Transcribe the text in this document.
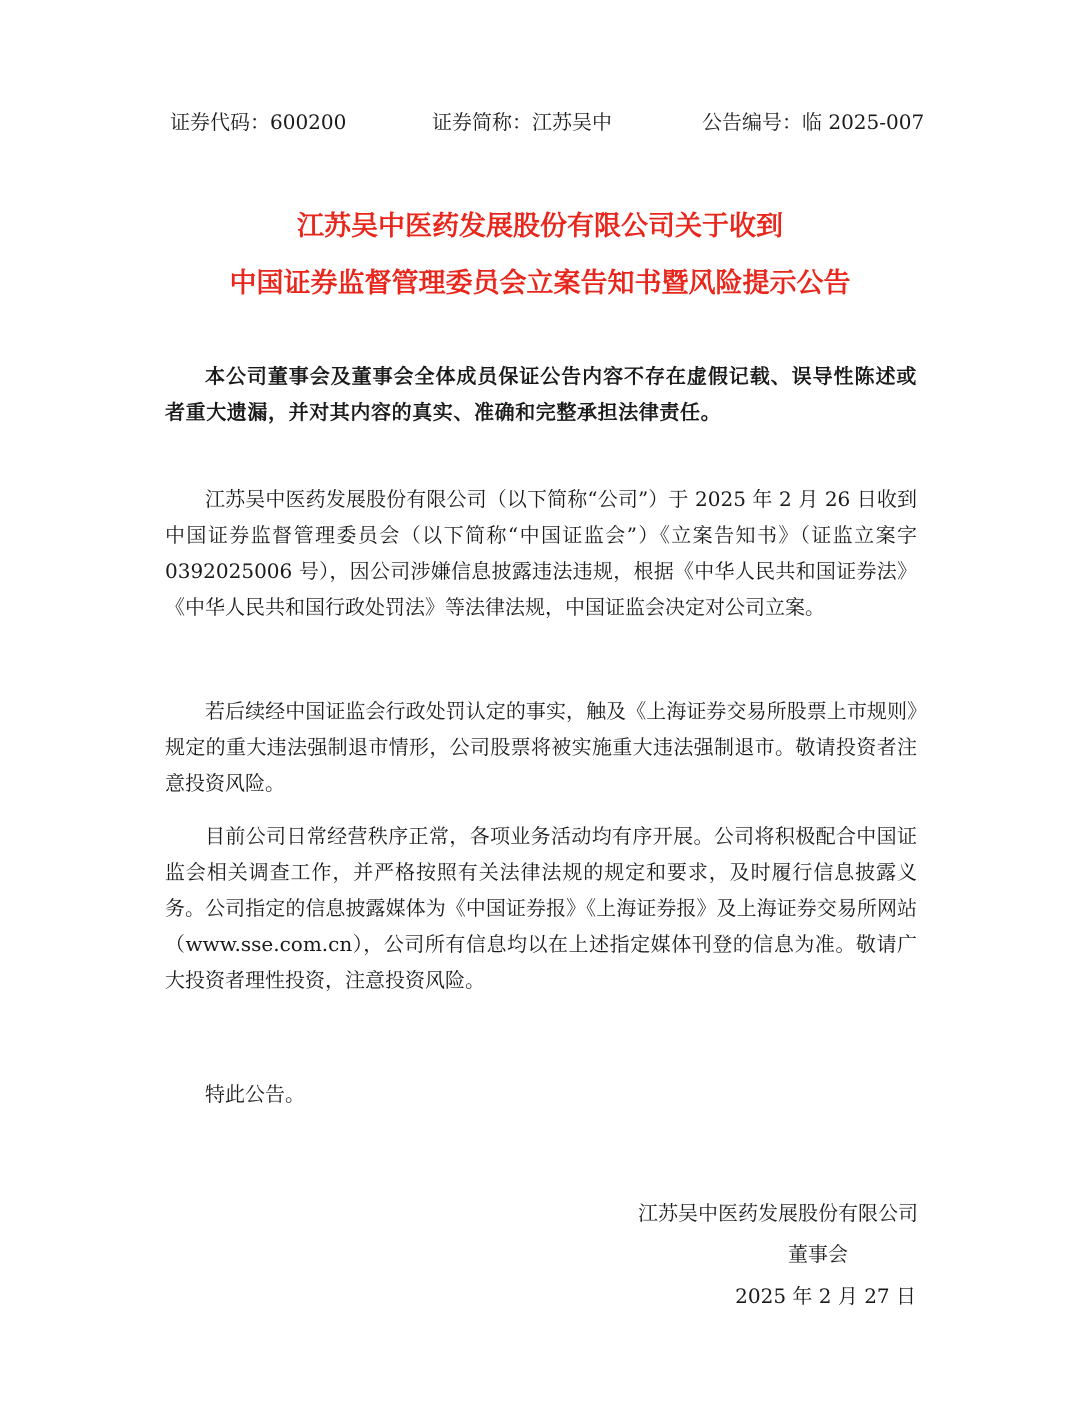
证券代码：600200	证券简称：江苏吴中	公告编号：临 2025-007
江苏吴中医药发展股份有限公司关于收到
中国证券监督管理委员会立案告知书暨风险提示公告

本公司董事会及董事会全体成员保证公告内容不存在虚假记载、误导性陈述或者重大遗漏，并对其内容的真实、准确和完整承担法律责任。

江苏吴中医药发展股份有限公司（以下简称“公司”）于 2025 年 2 月 26 日收到中国证券监督管理委员会（以下简称“中国证监会”）《立案告知书》（证监立案字 0392025006 号），因公司涉嫌信息披露违法违规，根据《中华人民共和国证券法》《中华人民共和国行政处罚法》等法律法规，中国证监会决定对公司立案。

若后续经中国证监会行政处罚认定的事实，触及《上海证券交易所股票上市规则》规定的重大违法强制退市情形，公司股票将被实施重大违法强制退市。敬请投资者注意投资风险。

目前公司日常经营秩序正常，各项业务活动均有序开展。公司将积极配合中国证监会相关调查工作，并严格按照有关法律法规的规定和要求，及时履行信息披露义务。公司指定的信息披露媒体为《中国证券报》《上海证券报》及上海证券交易所网站（www.sse.com.cn），公司所有信息均以在上述指定媒体刊登的信息为准。敬请广大投资者理性投资，注意投资风险。

特此公告。
江苏吴中医药发展股份有限公司
董事会
2025 年 2 月 27 日
